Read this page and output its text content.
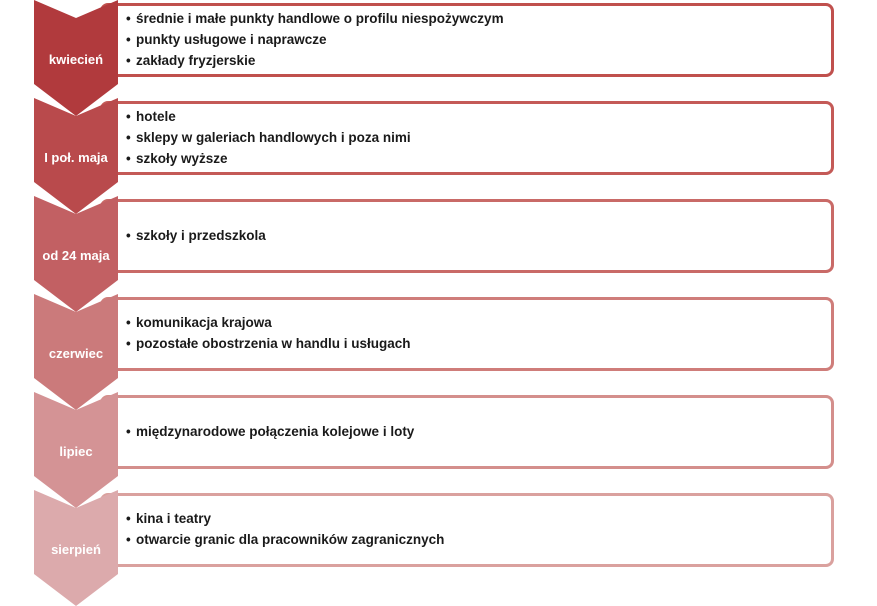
• średnie i małe punkty handlowe o profilu niespożywczym
• punkty usługowe i naprawcze
• zakłady fryzjerskie
kwiecień
• hotele
• sklepy w galeriach handlowych i poza nimi
• szkoły wyższe
I poł. maja
• szkoły i przedszkola
od 24 maja
• komunikacja krajowa
• pozostałe obostrzenia w handlu i usługach
czerwiec
• międzynarodowe połączenia kolejowe i loty
lipiec
• kina i teatry
• otwarcie granic dla pracowników zagranicznych
sierpień
